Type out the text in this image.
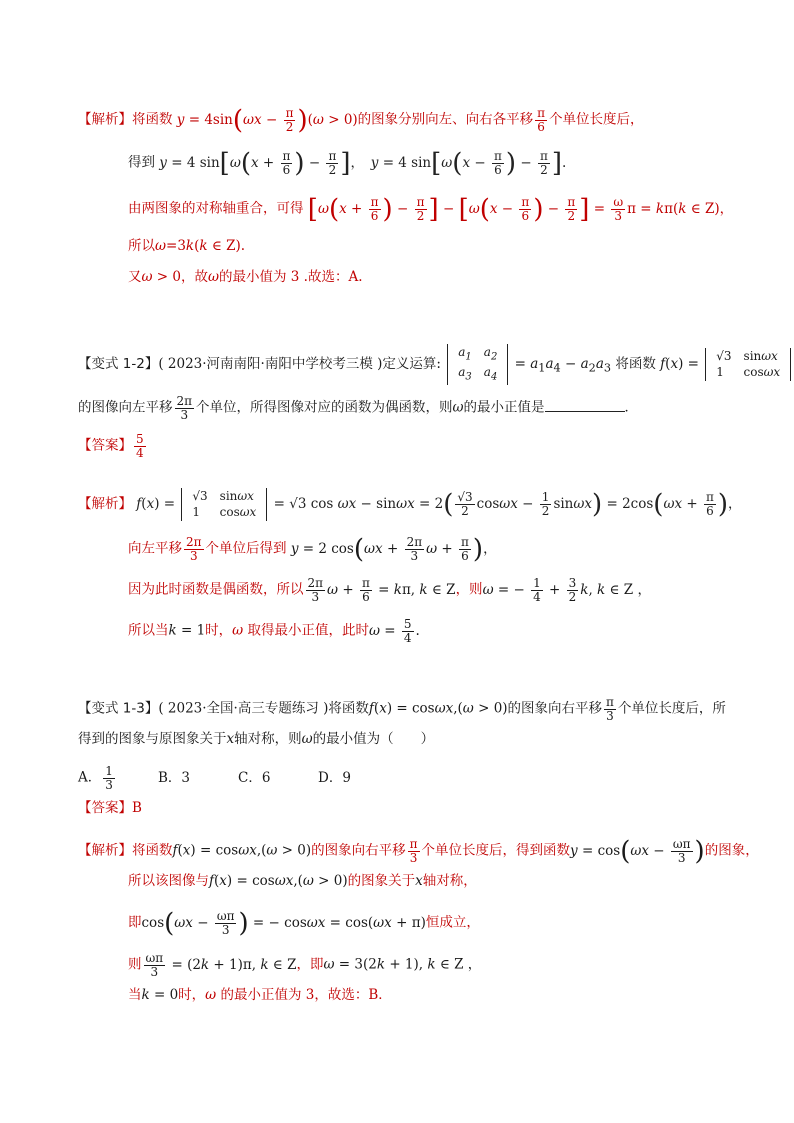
【解析】将函数 $y = 4\sin(\omega x - \frac{\pi}{2} )(\omega > 0)$的图象分别向左、向右各平移 $\frac{\pi}{6}$ 个单位长度后，
得到 y = 4 $\sin[\omega(x + \frac{\pi}{6}$ ) − $\frac{\pi}{2}$ ]，　y = 4 $\sin[\omega(x - \frac{\pi}{6}$ ) − $\frac{\pi}{2}$ ].
由两图象的对称轴重合，可得 [$\omega(x + \frac{\pi}{6}$ ) − $\frac{\pi}{2}$ ] − [$\omega(x - \frac{\pi}{6}$ ) − $\frac{\pi}{2}$ ] = $\frac{\omega}{3}$ π = kπ(k ∈ Z)，
所以ω=3k(k ∈ Z).
又ω > 0，故ω的最小值为 3 .故选：A.
【变式 1-2】( 2023·河南南阳·南阳中学校考三模 )定义运算:
$a_1$	$a_2$
$a_3$	$a_4$
= $a_1a_4 - a_2a_3$ 将函数 f(x) = √3	sinωx
1	cosωx
的图像向左平移 $\frac{2\pi}{3}$ 个单位，所得图像对应的函数为偶函数，则ω的最小正值是	．
【答案】 $\frac{5}{4}$
【解析】 f(x) = √3	sinωx
1	cosωx
= √3 $\cos \omega x - \sin\omega x = 2( \frac{√3}{2}$ $\cos\omega x - \frac{1}{2} \sin\omega x) = 2\cos(\omega x + \frac{\pi}{6}$ )，
向左平移 $\frac{2\pi}{3}$ 个单位后得到 y = 2 $\cos(\omega x + \frac{2\pi}{3}$ $\omega + \frac{\pi}{6}$ )，
因为此时函数是偶函数，所以 $\frac{2\pi}{3}$ $\omega + \frac{\pi}{6} = k\pi$, k ∈ Z，则ω = − $\frac{1}{4} + \frac{3}{2} k$, k ∈ Z ，
所以当k = 1时，ω 取得最小正值，此时$\omega = \frac{5}{4}$ .
【变式 1-3】( 2023·全国·高三专题练习 )将函数f(x) = cosωx,(ω > 0)的图象向右平移 $\frac{\pi}{3}$ 个单位长度后，所
得到的图象与原图象关于x轴对称，则ω的最小值为（　　）
A． $\frac{1}{3}$	B．3	C．6	D．9
【答案】B
【解析】将函数f(x) = cosωx,(ω > 0)的图象向右平移 $\frac{\pi}{3}$ 个单位长度后，得到函数$y = \cos(\omega x - \frac{\omega\pi}{3}$ )的图象，
所以该图像与f(x) = cosωx,(ω > 0)的图象关于x轴对称，
即$\cos(\omega x - \frac{\omega\pi}{3}$ ) = − cosωx = cos(ωx + π)恒成立，
则 $\frac{\omega\pi}{3} = (2k + 1)\pi$, k ∈ Z，即ω = 3(2k + 1), k ∈ Z ，
当k = 0时，ω 的最小正值为 3，故选：B．
